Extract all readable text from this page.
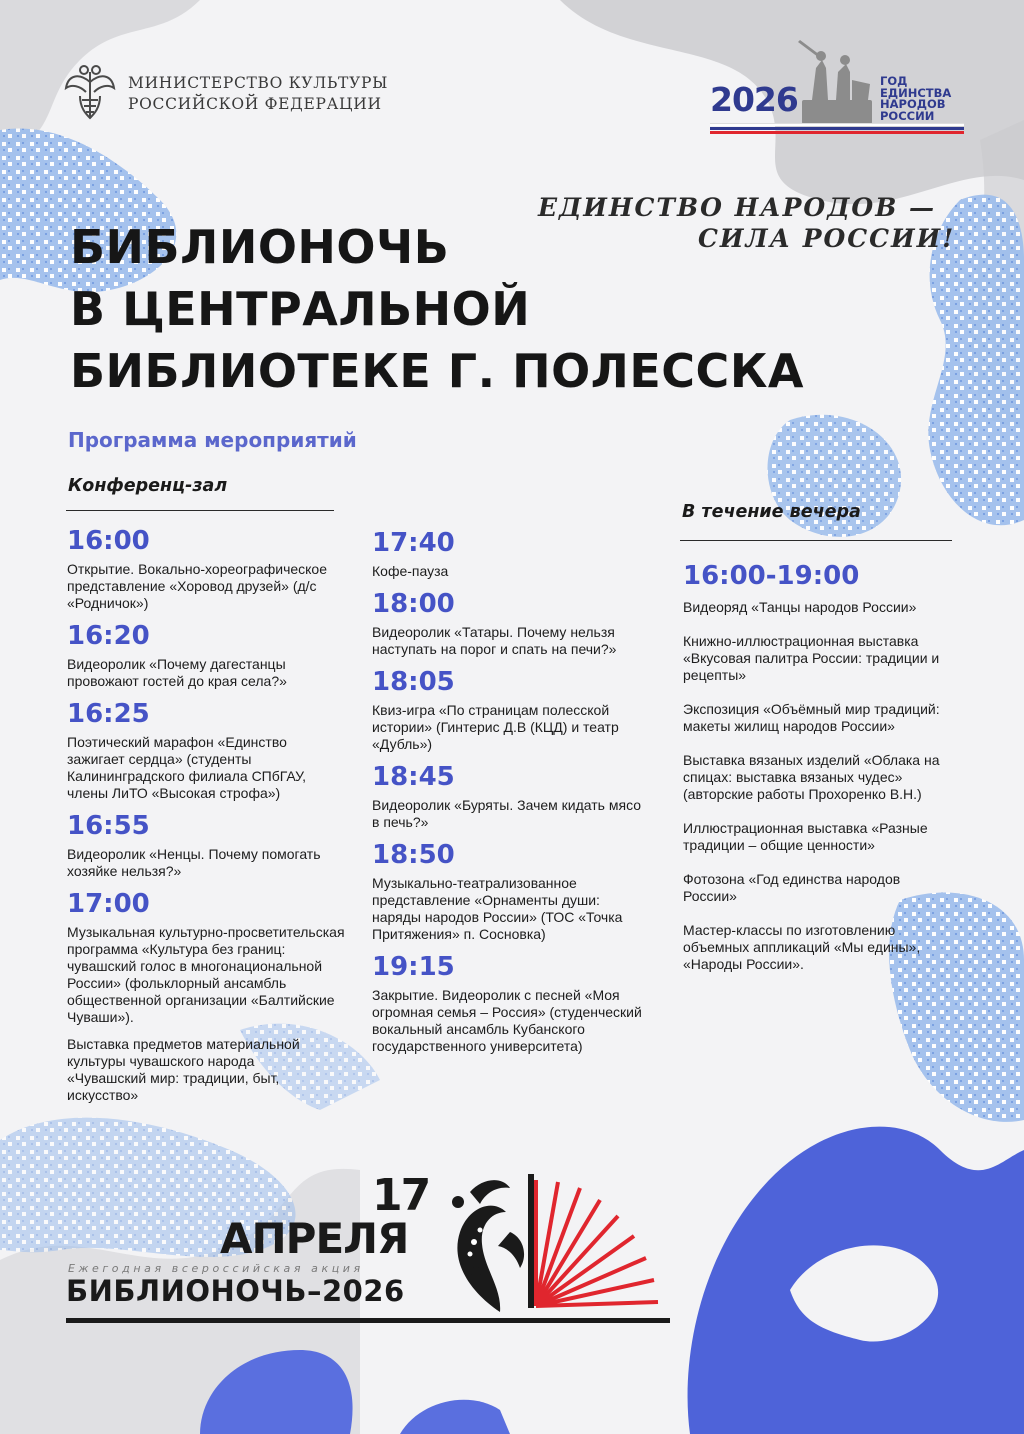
МИНИСТЕРСТВО КУЛЬТУРЫ
РОССИЙСКОЙ ФЕДЕРАЦИИ	2026	ГОД
ЕДИНСТВА
НАРОДОВ
РОССИИ
ЕДИНСТВО НАРОДОВ —
СИЛА РОССИИ!
БИБЛИОНОЧЬ
В ЦЕНТРАЛЬНОЙ
БИБЛИОТЕКЕ Г. ПОЛЕССКА
Программа мероприятий
Конференц-зал
16:00
Открытие. Вокально-хореографическое представление «Хоровод друзей» (д/с «Родничок»)
16:20
Видеоролик «Почему дагестанцы провожают гостей до края села?»
16:25
Поэтический марафон «Единство зажигает сердца» (студенты Калининградского филиала СПбГАУ, члены ЛиТО «Высокая строфа»)
16:55
Видеоролик «Ненцы. Почему помогать хозяйке нельзя?»
17:00
Музыкальная культурно-просветительская программа «Культура без границ: чувашский голос в многонациональной России» (фольклорный ансамбль общественной организации «Балтийские Чуваши»).
Выставка предметов материальной культуры чувашского народа «Чувашский мир: традиции, быт, искусство»
17:40
Кофе-пауза
18:00
Видеоролик «Татары. Почему нельзя наступать на порог и спать на печи?»
18:05
Квиз-игра «По страницам полесской истории» (Гинтерис Д.В (КЦД) и театр «Дубль»)
18:45
Видеоролик «Буряты. Зачем кидать мясо в печь?»
18:50
Музыкально-театрализованное представление «Орнаменты души: наряды народов России» (ТОС «Точка Притяжения» п. Сосновка)
19:15
Закрытие. Видеоролик с песней «Моя огромная семья – Россия» (студенческий вокальный ансамбль Кубанского государственного университета)
В течение вечера
16:00-19:00
Видеоряд «Танцы народов России»
Книжно-иллюстрационная выставка «Вкусовая палитра России: традиции и рецепты»
Экспозиция «Объёмный мир традиций: макеты жилищ народов России»
Выставка вязаных изделий «Облака на спицах: выставка вязаных чудес» (авторские работы Прохоренко В.Н.)
Иллюстрационная выставка «Разные традиции – общие ценности»
Фотозона «Год единства народов России»
Мастер-классы по изготовлению объемных аппликаций «Мы едины», «Народы России».
17
АПРЕЛЯ
Ежегодная всероссийская акция
БИБЛИОНОЧЬ–2026
